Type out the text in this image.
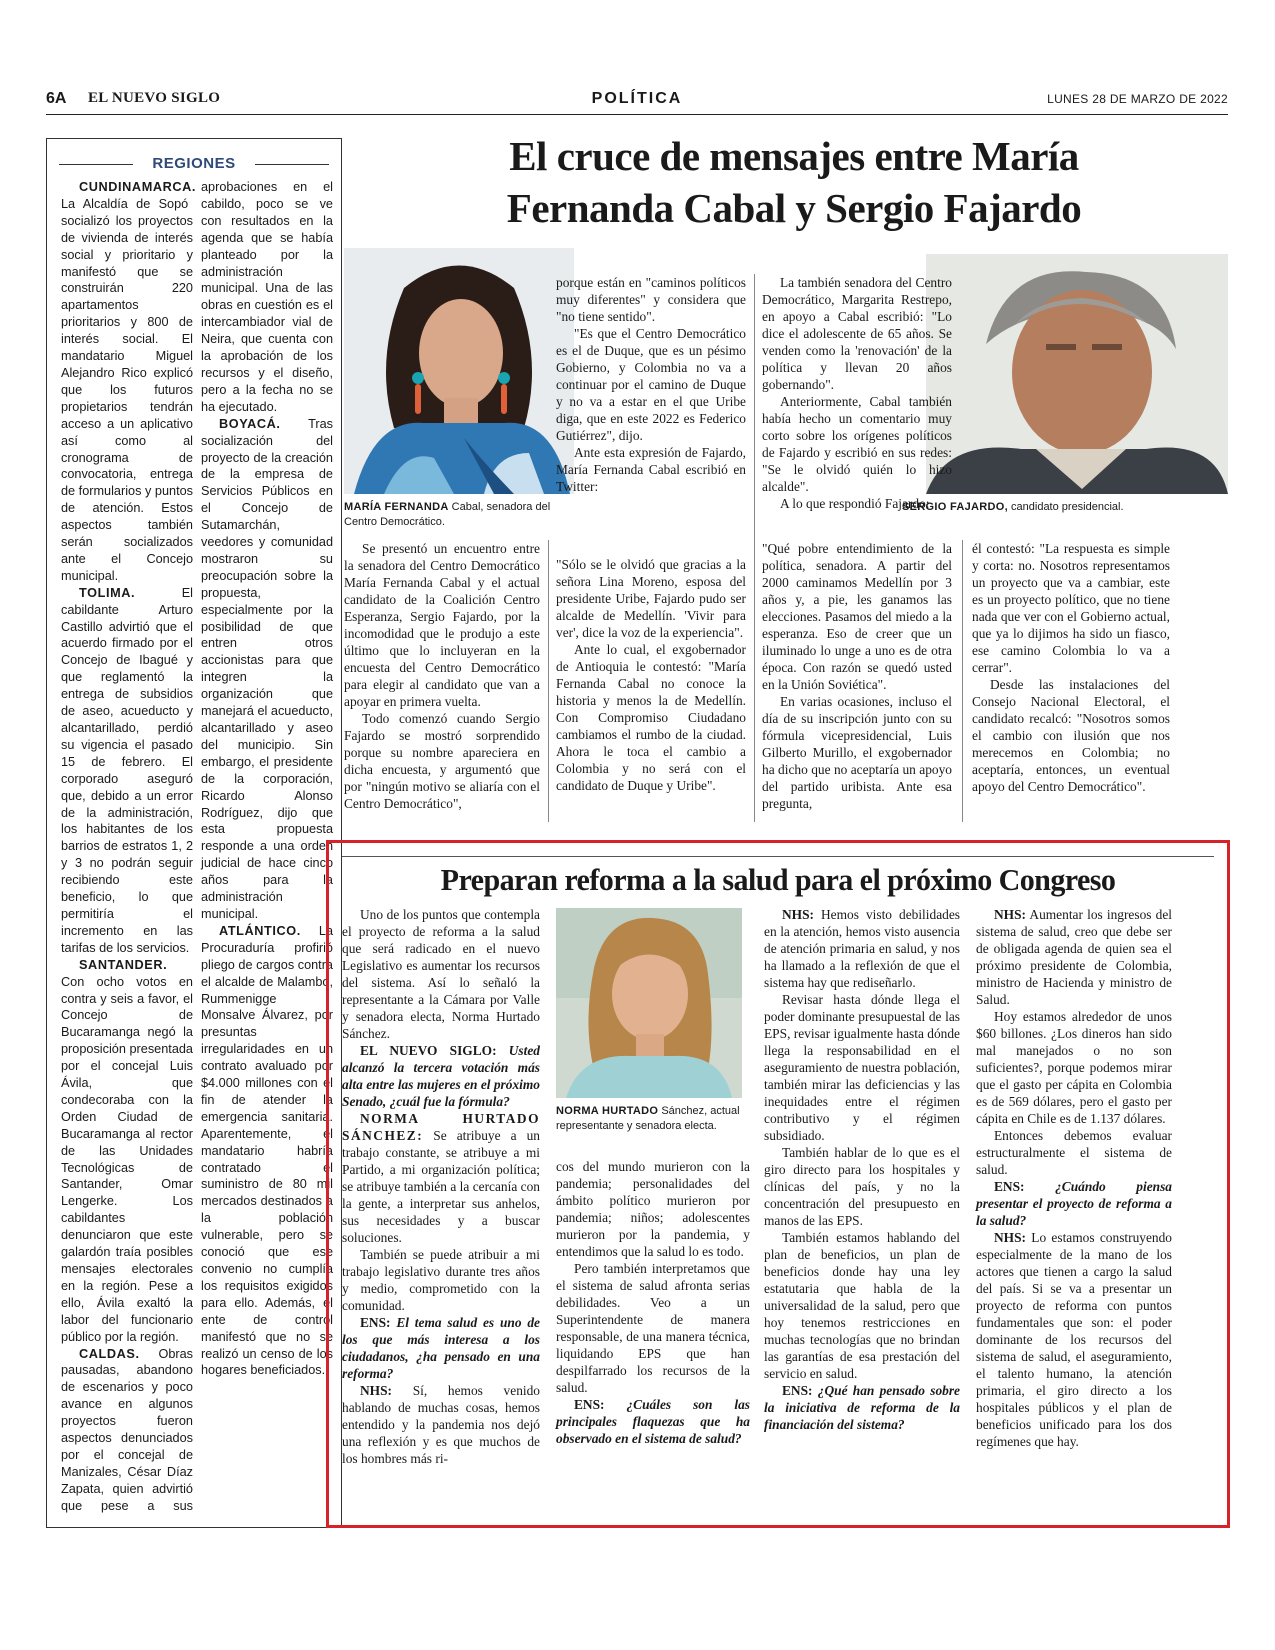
6A EL NUEVO SIGLO	POLÍTICA	LUNES 28 DE MARZO DE 2022
REGIONES

CUNDINAMARCA. La Alcaldía de Sopó socializó los proyectos de vivienda de interés social y prioritario y manifestó que se construirán 220 apartamentos prioritarios y 800 de interés social. El mandatario Miguel Alejandro Rico explicó que los futuros propietarios tendrán acceso a un aplicativo así como al cronograma de convocatoria, entrega de formularios y puntos de atención. Estos aspectos también serán socializados ante el Concejo municipal.

TOLIMA. El cabildante Arturo Castillo advirtió que el acuerdo firmado por el Concejo de Ibagué y que reglamentó la entrega de subsidios de aseo, acueducto y alcantarillado, perdió su vigencia el pasado 15 de febrero. El corporado aseguró que, debido a un error de la administración, los habitantes de los barrios de estratos 1, 2 y 3 no podrán seguir recibiendo este beneficio, lo que permitiría el incremento en las tarifas de los servicios.

SANTANDER. Con ocho votos en contra y seis a favor, el Concejo de Bucaramanga negó la proposición presentada por el concejal Luis Ávila, que condecoraba con la Orden Ciudad de Bucaramanga al rector de las Unidades Tecnológicas de Santander, Omar Lengerke. Los cabildantes denunciaron que este galardón traía posibles mensajes electorales en la región. Pese a ello, Ávila exaltó la labor del funcionario público por la región.

CALDAS. Obras pausadas, abandono de escenarios y poco avance en algunos proyectos fueron aspectos denunciados por el concejal de Manizales, César Díaz Zapata, quien advirtió que pese a sus aprobaciones en el cabildo, poco se ve con resultados en la agenda que se había planteado por la administración municipal. Una de las obras en cuestión es el intercambiador vial de Neira, que cuenta con la aprobación de los recursos y el diseño, pero a la fecha no se ha ejecutado.

BOYACÁ. Tras socialización del proyecto de la creación de la empresa de Servicios Públicos en el Concejo de Sutamarchán, veedores y comunidad mostraron su preocupación sobre la propuesta, especialmente por la posibilidad de que entren otros accionistas para que integren la organización que manejará el acueducto, alcantarillado y aseo del municipio. Sin embargo, el presidente de la corporación, Ricardo Alonso Rodríguez, dijo que esta propuesta responde a una orden judicial de hace cinco años para la administración municipal.

ATLÁNTICO. La Procuraduría profirió pliego de cargos contra el alcalde de Malambo, Rummenigge Monsalve Álvarez, por presuntas irregularidades en un contrato avaluado por $4.000 millones con el fin de atender la emergencia sanitaria. Aparentemente, el mandatario habría contratado el suministro de 80 mil mercados destinados a la población vulnerable, pero se conoció que ese convenio no cumplía los requisitos exigidos para ello. Además, el ente de control manifestó que no se realizó un censo de los hogares beneficiados.

El cruce de mensajes entre María
Fernanda Cabal y Sergio Fajardo
MARÍA FERNANDA Cabal, senadora del Centro Democrático.
SERGIO FAJARDO, candidato presidencial.

Se presentó un encuentro entre la senadora del Centro Democrático María Fernanda Cabal y el actual candidato de la Coalición Centro Esperanza, Sergio Fajardo, por la incomodidad que le produjo a este último que lo incluyeran en la encuesta del Centro Democrático para elegir al candidato que van a apoyar en primera vuelta.

Todo comenzó cuando Sergio Fajardo se mostró sorprendido porque su nombre apareciera en dicha encuesta, y argumentó que por "ningún motivo se aliaría con el Centro Democrático",

porque están en "caminos políticos muy diferentes" y considera que "no tiene sentido".

"Es que el Centro Democrático es el de Duque, que es un pésimo Gobierno, y Colombia no va a continuar por el camino de Duque y no va a estar en el que Uribe diga, que en este 2022 es Federico Gutiérrez", dijo.

Ante esta expresión de Fajardo, María Fernanda Cabal escribió en Twitter:

"Sólo se le olvidó que gracias a la señora Lina Moreno, esposa del presidente Uribe, Fajardo pudo ser alcalde de Medellín. 'Vivir para ver', dice la voz de la experiencia".

Ante lo cual, el exgobernador de Antioquia le contestó: "María Fernanda Cabal no conoce la historia y menos la de Medellín. Con Compromiso Ciudadano cambiamos el rumbo de la ciudad. Ahora le toca el cambio a Colombia y no será con el candidato de Duque y Uribe".

La también senadora del Centro Democrático, Margarita Restrepo, en apoyo a Cabal escribió: "Lo dice el adolescente de 65 años. Se venden como la 'renovación' de la política y llevan 20 años gobernando".

Anteriormente, Cabal también había hecho un comentario muy corto sobre los orígenes políticos de Fajardo y escribió en sus redes: "Se le olvidó quién lo hizo alcalde".

A lo que respondió Fajardo:

"Qué pobre entendimiento de la política, senadora. A partir del 2000 caminamos Medellín por 3 años y, a pie, les ganamos las elecciones. Pasamos del miedo a la esperanza. Eso de creer que un iluminado lo unge a uno es de otra época. Con razón se quedó usted en la Unión Soviética".

En varias ocasiones, incluso el día de su inscripción junto con su fórmula vicepresidencial, Luis Gilberto Murillo, el exgobernador ha dicho que no aceptaría un apoyo del partido uribista. Ante esa pregunta,

él contestó: "La respuesta es simple y corta: no. Nosotros representamos un proyecto que va a cambiar, este es un proyecto político, que no tiene nada que ver con el Gobierno actual, que ya lo dijimos ha sido un fiasco, ese camino Colombia lo va a cerrar".

Desde las instalaciones del Consejo Nacional Electoral, el candidato recalcó: "Nosotros somos el cambio con ilusión que nos merecemos en Colombia; no aceptaría, entonces, un eventual apoyo del Centro Democrático".

Preparan reforma a la salud para el próximo Congreso
NORMA HURTADO Sánchez, actual representante y senadora electa.

Uno de los puntos que contempla el proyecto de reforma a la salud que será radicado en el nuevo Legislativo es aumentar los recursos del sistema. Así lo señaló la representante a la Cámara por Valle y senadora electa, Norma Hurtado Sánchez.

EL NUEVO SIGLO: Usted alcanzó la tercera votación más alta entre las mujeres en el próximo Senado, ¿cuál fue la fórmula?

NORMA HURTADO SÁNCHEZ: Se atribuye a un trabajo constante, se atribuye a mi Partido, a mi organización política; se atribuye también a la cercanía con la gente, a interpretar sus anhelos, sus necesidades y a buscar soluciones.

También se puede atribuir a mi trabajo legislativo durante tres años y medio, comprometido con la comunidad.

ENS: El tema salud es uno de los que más interesa a los ciudadanos, ¿ha pensado en una reforma?

NHS: Sí, hemos venido hablando de muchas cosas, hemos entendido y la pandemia nos dejó una reflexión y es que muchos de los hombres más ri-

cos del mundo murieron con la pandemia; personalidades del ámbito político murieron por pandemia; niños; adolescentes murieron por la pandemia, y entendimos que la salud lo es todo.

Pero también interpretamos que el sistema de salud afronta serias debilidades. Veo a un Superintendente de manera responsable, de una manera técnica, liquidando EPS que han despilfarrado los recursos de la salud.

ENS: ¿Cuáles son las principales flaquezas que ha observado en el sistema de salud?

NHS: Hemos visto debilidades en la atención, hemos visto ausencia de atención primaria en salud, y nos ha llamado a la reflexión de que el sistema hay que rediseñarlo.

Revisar hasta dónde llega el poder dominante presupuestal de las EPS, revisar igualmente hasta dónde llega la responsabilidad en el aseguramiento de nuestra población, también mirar las deficiencias y las inequidades entre el régimen contributivo y el régimen subsidiado.

También hablar de lo que es el giro directo para los hospitales y clínicas del país, y no la concentración del presupuesto en manos de las EPS.

También estamos hablando del plan de beneficios, un plan de beneficios donde hay una ley estatutaria que habla de la universalidad de la salud, pero que hoy tenemos restricciones en muchas tecnologías que no brindan las garantías de esa prestación del servicio en salud.

ENS: ¿Qué han pensado sobre la iniciativa de reforma de la financiación del sistema?

NHS: Aumentar los ingresos del sistema de salud, creo que debe ser de obligada agenda de quien sea el próximo presidente de Colombia, ministro de Hacienda y ministro de Salud.

Hoy estamos alrededor de unos $60 billones. ¿Los dineros han sido mal manejados o no son suficientes?, porque podemos mirar que el gasto per cápita en Colombia es de 569 dólares, pero el gasto per cápita en Chile es de 1.137 dólares.

Entonces debemos evaluar estructuralmente el sistema de salud.

ENS: ¿Cuándo piensa presentar el proyecto de reforma a la salud?

NHS: Lo estamos construyendo especialmente de la mano de los actores que tienen a cargo la salud del país. Si se va a presentar un proyecto de reforma con puntos fundamentales que son: el poder dominante de los recursos del sistema de salud, el aseguramiento, el talento humano, la atención primaria, el giro directo a los hospitales públicos y el plan de beneficios unificado para los dos regímenes que hay.
